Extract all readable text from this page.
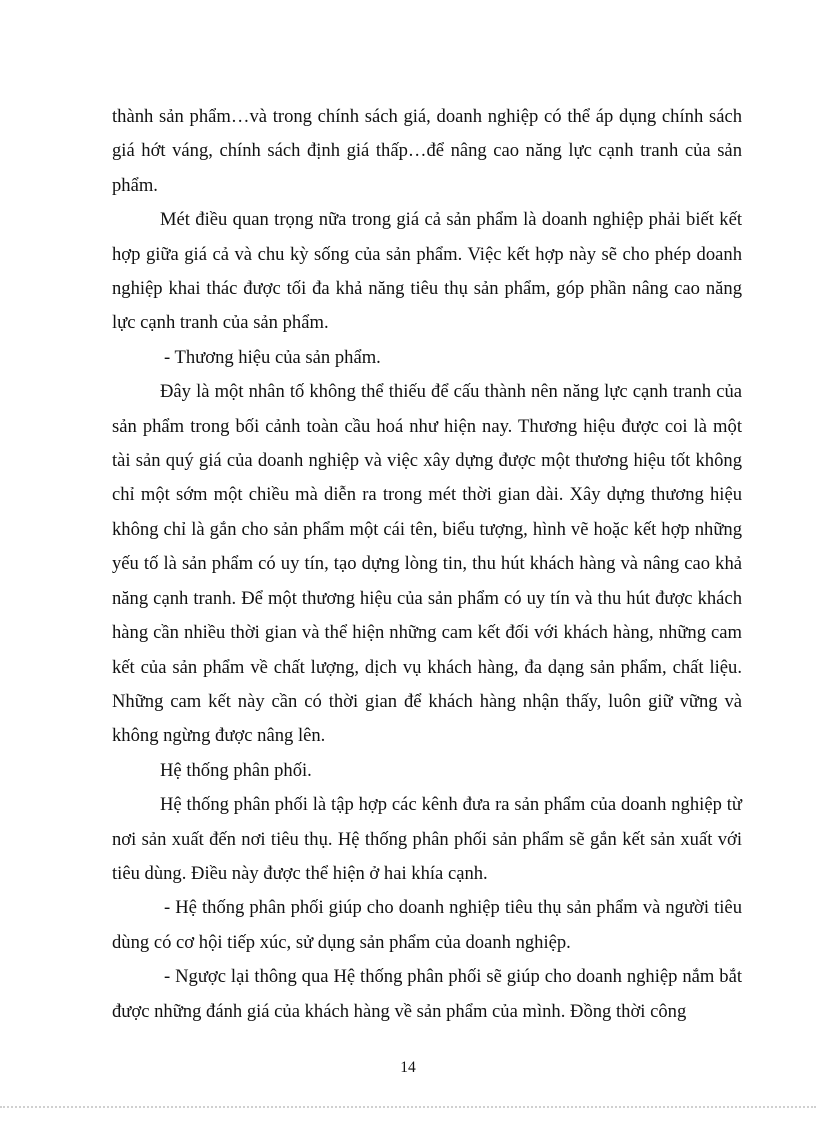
thành sản phẩm…và trong chính sách giá, doanh nghiệp có thể áp dụng chính sách giá hớt váng, chính sách định giá thấp…để nâng cao năng lực cạnh tranh của sản phẩm.

Mét điều quan trọng nữa trong giá cả sản phẩm là doanh nghiệp phải biết kết hợp giữa giá cả và chu kỳ sống của sản phẩm. Việc kết hợp này sẽ cho phép doanh nghiệp khai thác được tối đa khả năng tiêu thụ sản phẩm, góp phần nâng cao năng lực cạnh tranh của sản phẩm.

- Thương hiệu của sản phẩm.

Đây là một nhân tố không thể thiếu để cấu thành nên năng lực cạnh tranh của sản phẩm trong bối cảnh toàn cầu hoá như hiện nay. Thương hiệu được coi là một tài sản quý giá của doanh nghiệp và việc xây dựng được một thương hiệu tốt không chỉ một sớm một chiều mà diễn ra trong mét thời gian dài. Xây dựng thương hiệu không chỉ là gắn cho sản phẩm một cái tên, biểu tượng, hình vẽ hoặc kết hợp những yếu tố là sản phẩm có uy tín, tạo dựng lòng tin, thu hút khách hàng và nâng cao khả năng cạnh tranh. Để một thương hiệu của sản phẩm có uy tín và thu hút được khách hàng cần nhiều thời gian và thể hiện những cam kết đối với khách hàng, những cam kết của sản phẩm về chất lượng, dịch vụ khách hàng, đa dạng sản phẩm, chất liệu. Những cam kết này cần có thời gian để khách hàng nhận thấy, luôn giữ vững và không ngừng được nâng lên.

Hệ thống phân phối.

Hệ thống phân phối là tập hợp các kênh đưa ra sản phẩm của doanh nghiệp từ nơi sản xuất đến nơi tiêu thụ. Hệ thống phân phối sản phẩm sẽ gắn kết sản xuất với tiêu dùng. Điều này được thể hiện ở hai khía cạnh.

- Hệ thống phân phối giúp cho doanh nghiệp tiêu thụ sản phẩm và người tiêu dùng có cơ hội tiếp xúc, sử dụng sản phẩm của doanh nghiệp.

- Ngược lại thông qua Hệ thống phân phối sẽ giúp cho doanh nghiệp nắm bắt được những đánh giá của khách hàng về sản phẩm của mình. Đồng thời công

14
